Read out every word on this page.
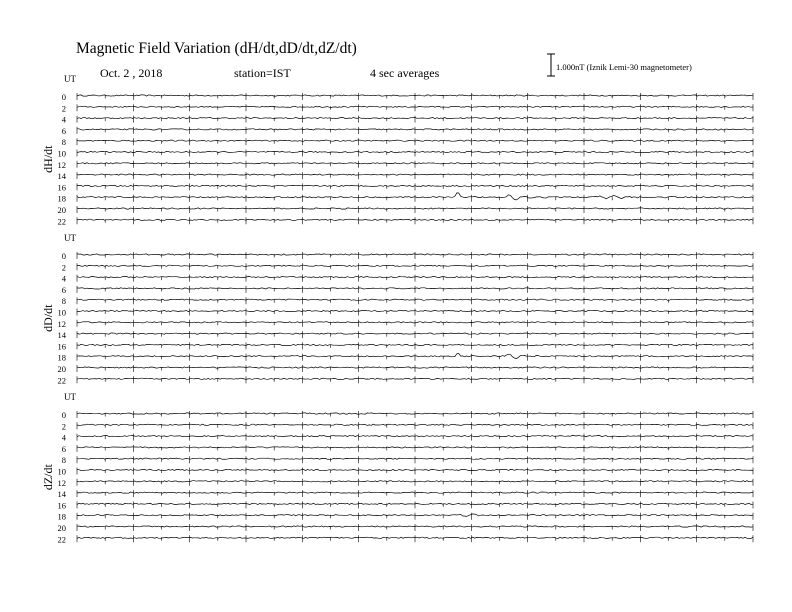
Magnetic Field Variation (dH/dt,dD/dt,dZ/dt)
Oct. 2 , 2018	station=IST	4 sec averages	1.000nT (Iznik Lemi-30 magnetometer)
UT
dH/dt
0
2
4
6
8
10
12
14
16
18
20
22
UT
dD/dt
0
2
4
6
8
10
12
14
16
18
20
22
UT
dZ/dt
0
2
4
6
8
10
12
14
16
18
20
22
